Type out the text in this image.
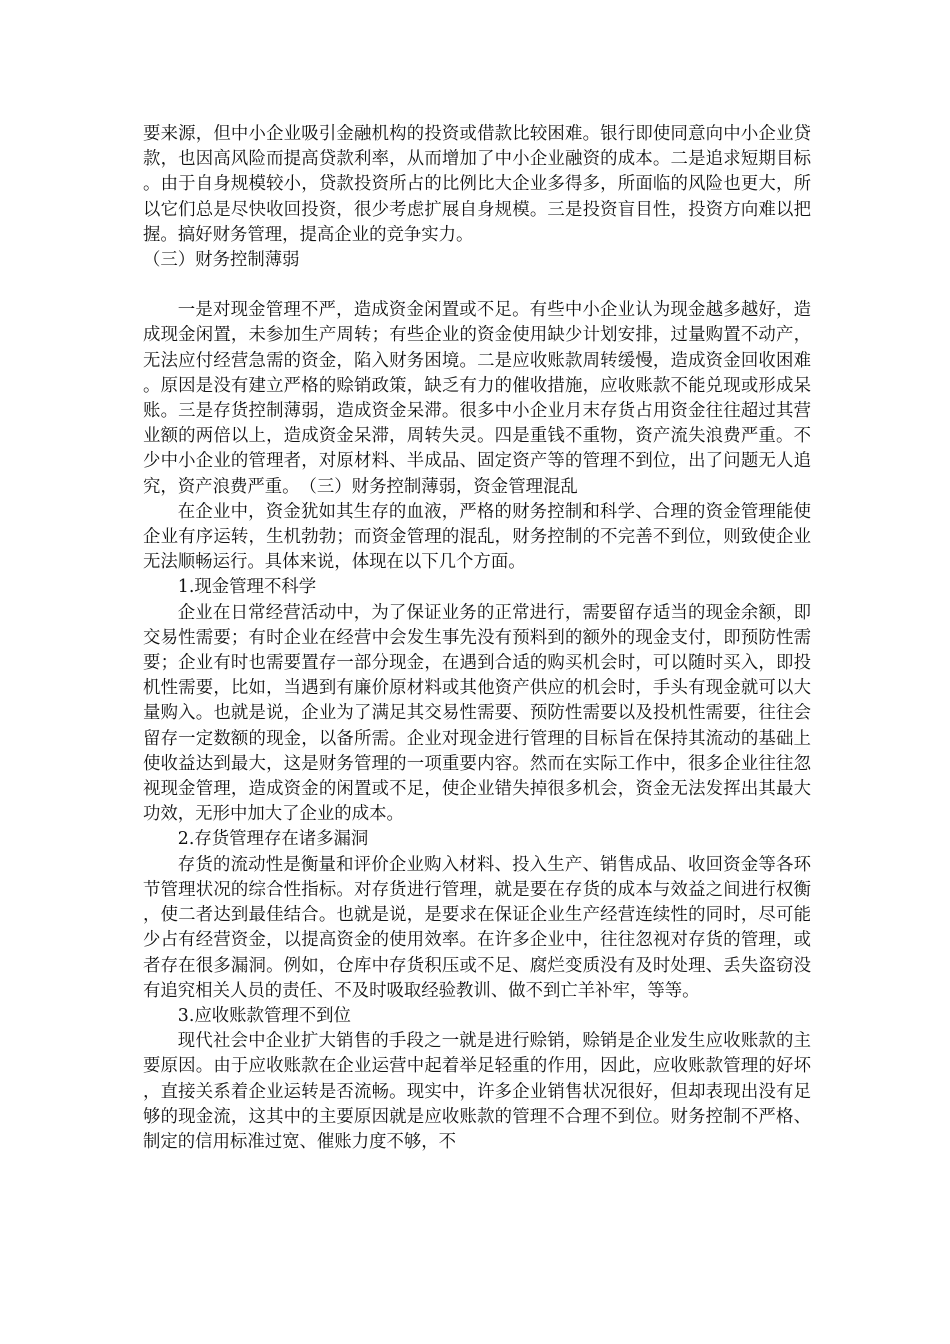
要来源，但中小企业吸引金融机构的投资或借款比较困难。银行即使同意向中小企业贷款，也因高风险而提高贷款利率，从而增加了中小企业融资的成本。二是追求短期目标。由于自身规模较小，贷款投资所占的比例比大企业多得多，所面临的风险也更大，所以它们总是尽快收回投资，很少考虑扩展自身规模。三是投资盲目性，投资方向难以把握。搞好财务管理，提高企业的竞争实力。

（三）财务控制薄弱

一是对现金管理不严，造成资金闲置或不足。有些中小企业认为现金越多越好，造成现金闲置，未参加生产周转；有些企业的资金使用缺少计划安排，过量购置不动产，无法应付经营急需的资金，陷入财务困境。二是应收账款周转缓慢，造成资金回收困难。原因是没有建立严格的赊销政策，缺乏有力的催收措施，应收账款不能兑现或形成呆账。三是存货控制薄弱，造成资金呆滞。很多中小企业月末存货占用资金往往超过其营业额的两倍以上，造成资金呆滞，周转失灵。四是重钱不重物，资产流失浪费严重。不少中小企业的管理者，对原材料、半成品、固定资产等的管理不到位，出了问题无人追究，资产浪费严重。　（三）财务控制薄弱，资金管理混乱

在企业中，资金犹如其生存的血液，严格的财务控制和科学、合理的资金管理能使企业有序运转，生机勃勃；而资金管理的混乱，财务控制的不完善不到位，则致使企业无法顺畅运行。具体来说，体现在以下几个方面。

1.现金管理不科学

企业在日常经营活动中，为了保证业务的正常进行，需要留存适当的现金余额，即交易性需要；有时企业在经营中会发生事先没有预料到的额外的现金支付，即预防性需要；企业有时也需要置存一部分现金，在遇到合适的购买机会时，可以随时买入，即投机性需要，比如，当遇到有廉价原材料或其他资产供应的机会时，手头有现金就可以大量购入。也就是说，企业为了满足其交易性需要、预防性需要以及投机性需要，往往会留存一定数额的现金，以备所需。企业对现金进行管理的目标旨在保持其流动的基础上使收益达到最大，这是财务管理的一项重要内容。然而在实际工作中，很多企业往往忽视现金管理，造成资金的闲置或不足，使企业错失掉很多机会，资金无法发挥出其最大功效，无形中加大了企业的成本。

2.存货管理存在诸多漏洞

存货的流动性是衡量和评价企业购入材料、投入生产、销售成品、收回资金等各环节管理状况的综合性指标。对存货进行管理，就是要在存货的成本与效益之间进行权衡，使二者达到最佳结合。也就是说，是要求在保证企业生产经营连续性的同时，尽可能少占有经营资金，以提高资金的使用效率。在许多企业中，往往忽视对存货的管理，或者存在很多漏洞。例如，仓库中存货积压或不足、腐烂变质没有及时处理、丢失盗窃没有追究相关人员的责任、不及时吸取经验教训、做不到亡羊补牢，等等。

3.应收账款管理不到位

现代社会中企业扩大销售的手段之一就是进行赊销，赊销是企业发生应收账款的主要原因。由于应收账款在企业运营中起着举足轻重的作用，因此，应收账款管理的好坏，直接关系着企业运转是否流畅。现实中，许多企业销售状况很好，但却表现出没有足够的现金流，这其中的主要原因就是应收账款的管理不合理不到位。财务控制不严格、制定的信用标准过宽、催账力度不够，不
